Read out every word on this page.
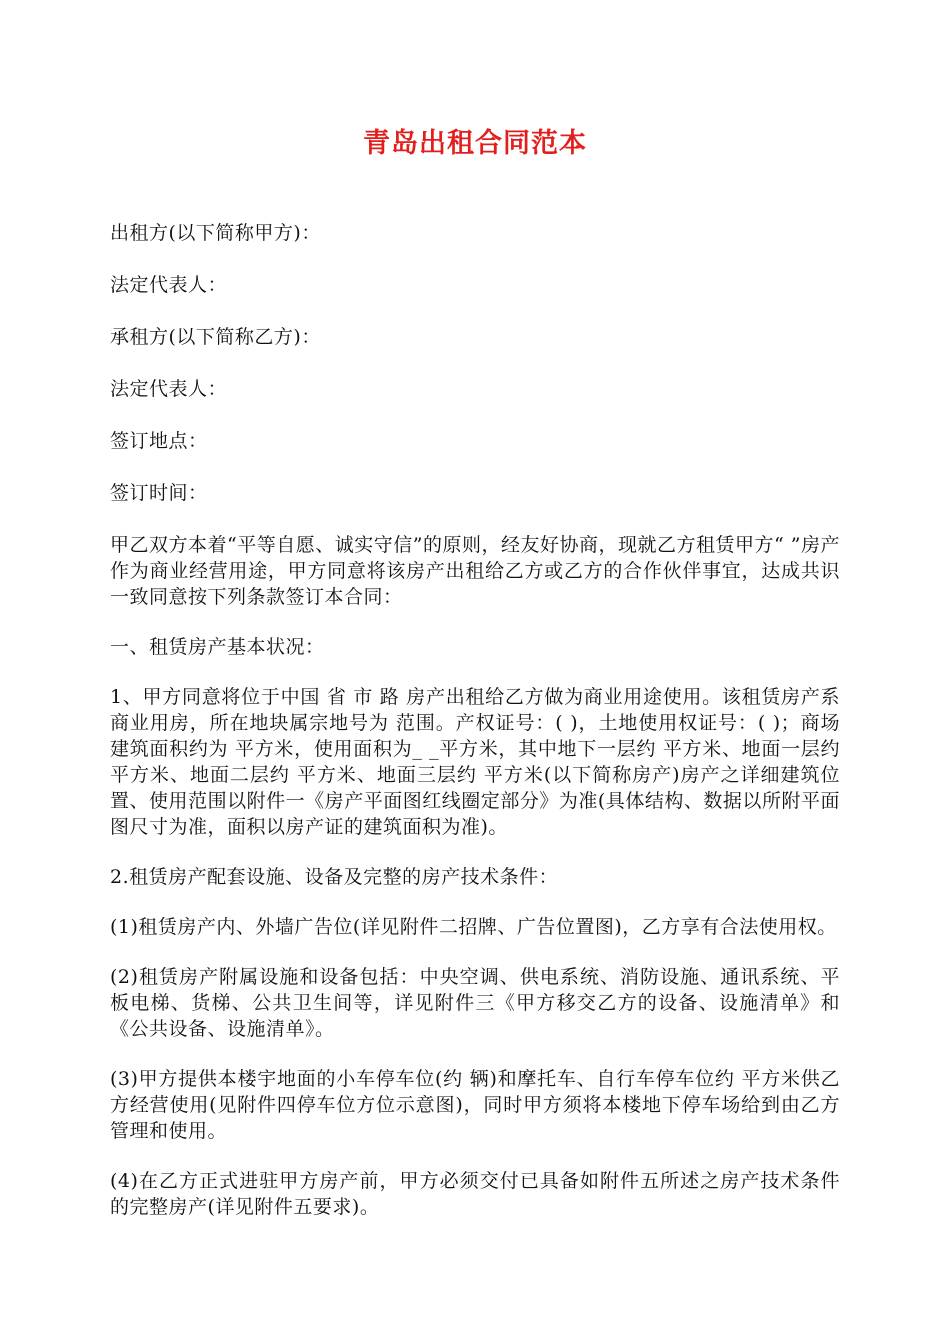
青岛出租合同范本

出租方(以下简称甲方)：

法定代表人：

承租方(以下简称乙方)：

法定代表人：

签订地点：

签订时间：

甲乙双方本着“平等自愿、诚实守信”的原则，经友好协商，现就乙方租赁甲方“ ”房产作为商业经营用途，甲方同意将该房产出租给乙方或乙方的合作伙伴事宜，达成共识一致同意按下列条款签订本合同：

一、租赁房产基本状况：

1、甲方同意将位于中国 省 市 路 房产出租给乙方做为商业用途使用。该租赁房产系商业用房，所在地块属宗地号为 范围。产权证号：( )，土地使用权证号：( )；商场建筑面积约为 平方米，使用面积为_ _平方米，其中地下一层约 平方米、地面一层约 平方米、地面二层约 平方米、地面三层约 平方米(以下简称房产)房产之详细建筑位置、使用范围以附件一《房产平面图红线圈定部分》为准(具体结构、数据以所附平面图尺寸为准，面积以房产证的建筑面积为准)。

2.租赁房产配套设施、设备及完整的房产技术条件：

(1)租赁房产内、外墙广告位(详见附件二招牌、广告位置图)，乙方享有合法使用权。

(2)租赁房产附属设施和设备包括：中央空调、供电系统、消防设施、通讯系统、平板电梯、货梯、公共卫生间等，详见附件三《甲方移交乙方的设备、设施清单》和《公共设备、设施清单》。

(3)甲方提供本楼宇地面的小车停车位(约 辆)和摩托车、自行车停车位约 平方米供乙方经营使用(见附件四停车位方位示意图)，同时甲方须将本楼地下停车场给到由乙方管理和使用。

(4)在乙方正式进驻甲方房产前，甲方必须交付已具备如附件五所述之房产技术条件的完整房产(详见附件五要求)。
